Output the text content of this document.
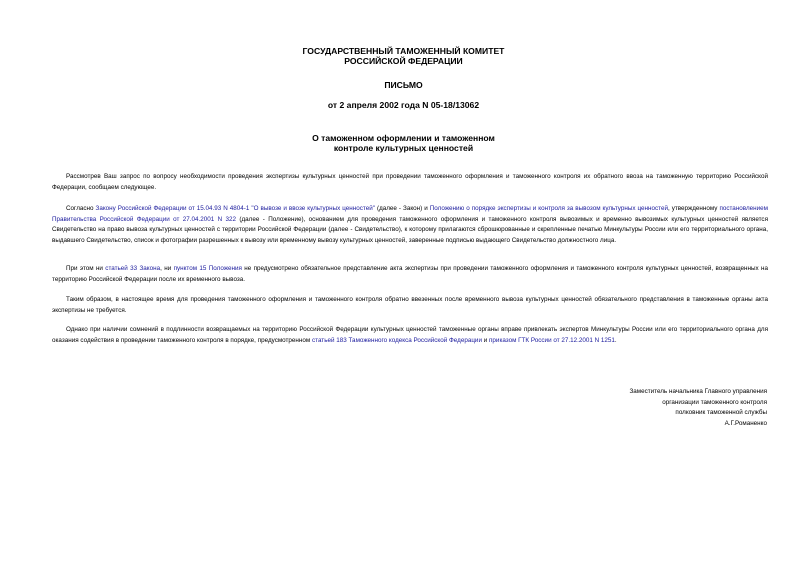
ГОСУДАРСТВЕННЫЙ ТАМОЖЕННЫЙ КОМИТЕТ
РОССИЙСКОЙ ФЕДЕРАЦИИ
ПИСЬМО
от 2 апреля 2002 года N 05-18/13062
О таможенном оформлении и таможенном
контроле культурных ценностей

Рассмотрев Ваш запрос по вопросу необходимости проведения экспертизы культурных ценностей при проведении таможенного оформления и таможенного контроля их обратного ввоза на таможенную территорию Российской Федерации, сообщаем следующее.

Согласно Закону Российской Федерации от 15.04.93 N 4804-1 "О вывозе и ввозе культурных ценностей" (далее - Закон) и Положению о порядке экспертизы и контроля за вывозом культурных ценностей, утвержденному постановлением Правительства Российской Федерации от 27.04.2001 N 322 (далее - Положение), основанием для проведения таможенного оформления и таможенного контроля вывозимых и временно вывозимых культурных ценностей является Свидетельство на право вывоза культурных ценностей с территории Российской Федерации (далее - Свидетельство), к которому прилагаются сброшюрованные и скрепленные печатью Минкультуры России или его территориального органа, выдавшего Свидетельство, список и фотографии разрешенных к вывозу или временному вывозу культурных ценностей, заверенные подписью выдающего Свидетельство должностного лица.

При этом ни статьей 33 Закона, ни пунктом 15 Положения не предусмотрено обязательное представление акта экспертизы при проведении таможенного оформления и таможенного контроля культурных ценностей, возвращенных на территорию Российской Федерации после их временного вывоза.

Таким образом, в настоящее время для проведения таможенного оформления и таможенного контроля обратно ввезенных после временного вывоза культурных ценностей обязательного представления в таможенные органы акта экспертизы не требуется.

Однако при наличии сомнений в подлинности возвращаемых на территорию Российской Федерации культурных ценностей таможенные органы вправе привлекать экспертов Минкультуры России или его территориального органа для оказания содействия в проведении таможенного контроля в порядке, предусмотренном статьей 183 Таможенного кодекса Российской Федерации и приказом ГТК России от 27.12.2001 N 1251.

Заместитель начальника Главного управления
организации таможенного контроля
полковник таможенной службы
А.Г.Романенко
